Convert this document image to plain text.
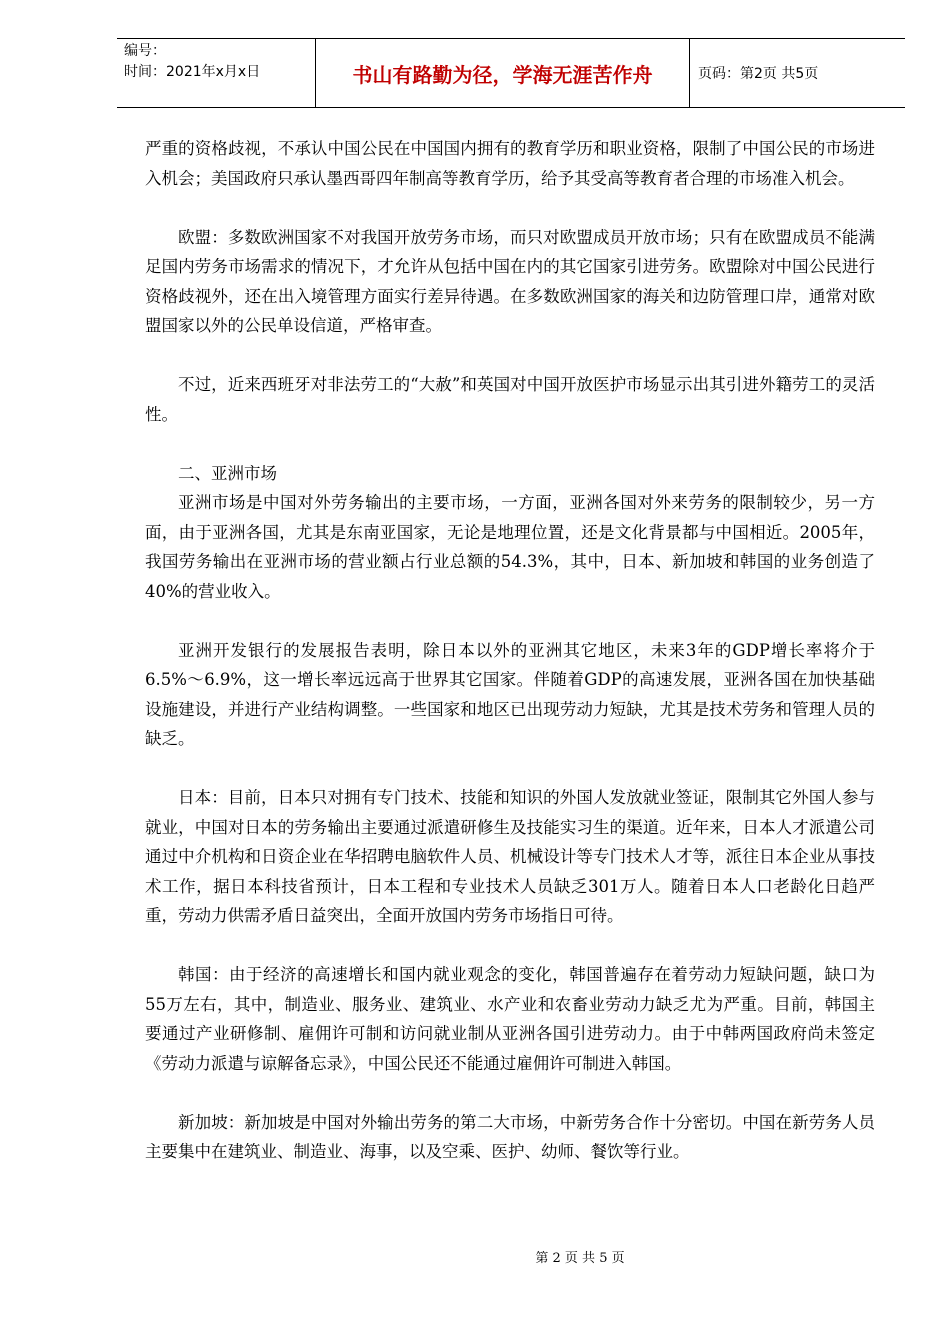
编号：
时间：2021年x月x日	书山有路勤为径，学海无涯苦作舟	页码：第2页 共5页

严重的资格歧视，不承认中国公民在中国国内拥有的教育学历和职业资格，限制了中国公民的市场进入机会；美国政府只承认墨西哥四年制高等教育学历，给予其受高等教育者合理的市场准入机会。

欧盟：多数欧洲国家不对我国开放劳务市场，而只对欧盟成员开放市场；只有在欧盟成员不能满足国内劳务市场需求的情况下，才允许从包括中国在内的其它国家引进劳务。欧盟除对中国公民进行资格歧视外，还在出入境管理方面实行差异待遇。在多数欧洲国家的海关和边防管理口岸，通常对欧盟国家以外的公民单设信道，严格审查。

不过，近来西班牙对非法劳工的“大赦”和英国对中国开放医护市场显示出其引进外籍劳工的灵活性。

二、亚洲市场

亚洲市场是中国对外劳务输出的主要市场，一方面，亚洲各国对外来劳务的限制较少，另一方面，由于亚洲各国，尤其是东南亚国家，无论是地理位置，还是文化背景都与中国相近。2005年，我国劳务输出在亚洲市场的营业额占行业总额的54.3%，其中，日本、新加坡和韩国的业务创造了40%的营业收入。

亚洲开发银行的发展报告表明，除日本以外的亚洲其它地区，未来3年的GDP增长率将介于6.5%～6.9%，这一增长率远远高于世界其它国家。伴随着GDP的高速发展，亚洲各国在加快基础设施建设，并进行产业结构调整。一些国家和地区已出现劳动力短缺，尤其是技术劳务和管理人员的缺乏。

日本：目前，日本只对拥有专门技术、技能和知识的外国人发放就业签证，限制其它外国人参与就业，中国对日本的劳务输出主要通过派遣研修生及技能实习生的渠道。近年来，日本人才派遣公司通过中介机构和日资企业在华招聘电脑软件人员、机械设计等专门技术人才等，派往日本企业从事技术工作，据日本科技省预计，日本工程和专业技术人员缺乏301万人。随着日本人口老龄化日趋严重，劳动力供需矛盾日益突出，全面开放国内劳务市场指日可待。

韩国：由于经济的高速增长和国内就业观念的变化，韩国普遍存在着劳动力短缺问题，缺口为55万左右，其中，制造业、服务业、建筑业、水产业和农畜业劳动力缺乏尤为严重。目前，韩国主要通过产业研修制、雇佣许可制和访问就业制从亚洲各国引进劳动力。由于中韩两国政府尚未签定《劳动力派遣与谅解备忘录》，中国公民还不能通过雇佣许可制进入韩国。

新加坡：新加坡是中国对外输出劳务的第二大市场，中新劳务合作十分密切。中国在新劳务人员主要集中在建筑业、制造业、海事，以及空乘、医护、幼师、餐饮等行业。

第 2 页 共 5 页
